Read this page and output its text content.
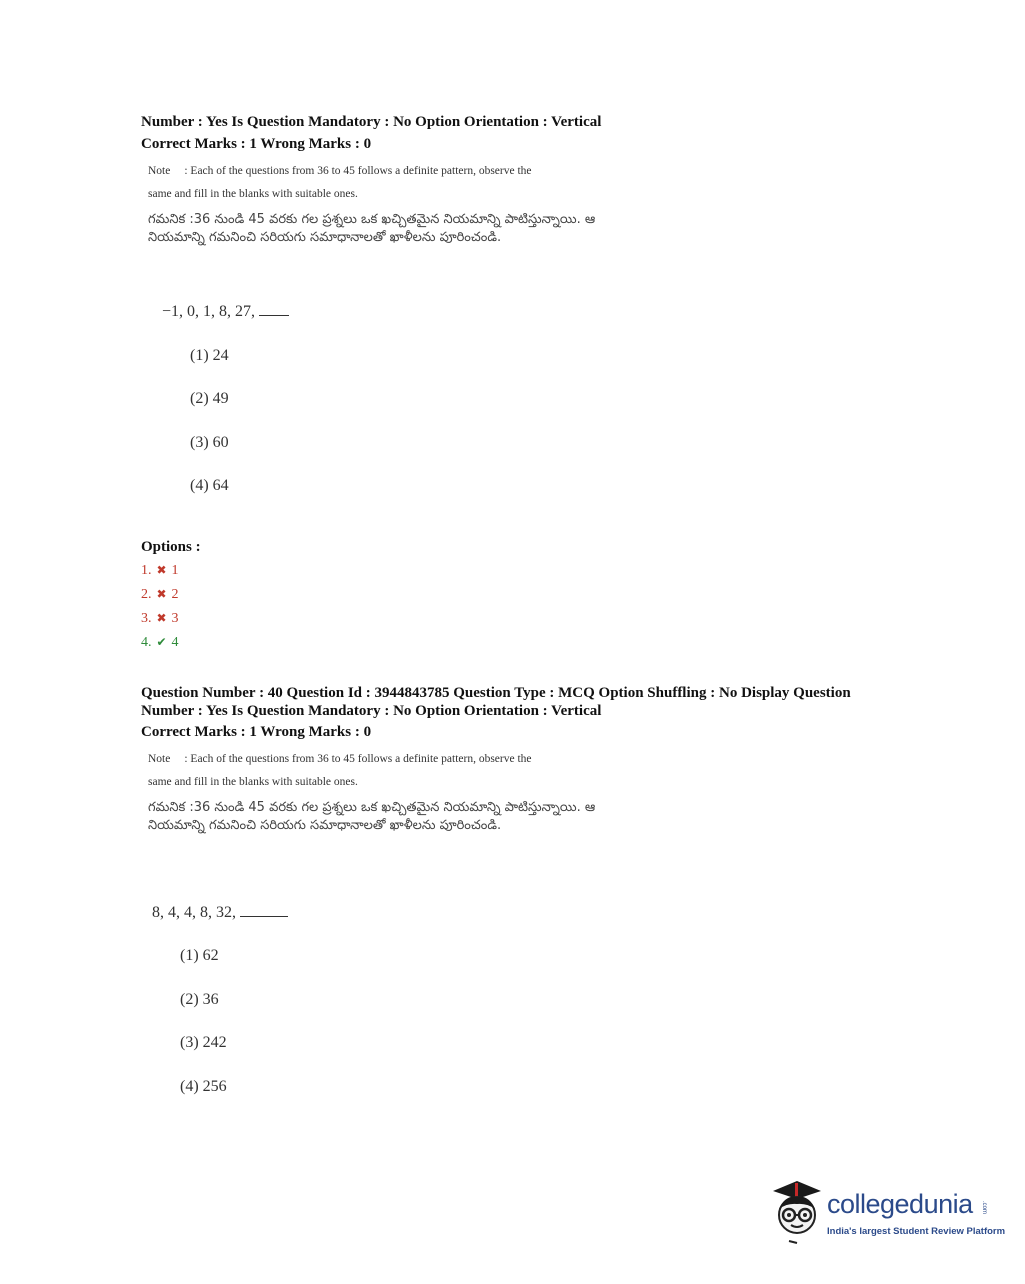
Number : Yes Is Question Mandatory : No Option Orientation : Vertical
Correct Marks : 1 Wrong Marks : 0
Note : Each of the questions from 36 to 45 follows a definite pattern, observe the
same and fill in the blanks with suitable ones.
గమనిక :36 నుండి 45 వరకు గల ప్రశ్నలు ఒక ఖచ్చితమైన నియమాన్ని పాటిస్తున్నాయి. ఆ నియమాన్ని గమనించి సరియగు సమాధానాలతో ఖాళీలను పూరించండి.
−1, 0, 1, 8, 27,
(1) 24
(2) 49
(3) 60
(4) 64
Options :
1. ✖ 1
2. ✖ 2
3. ✖ 3
4. ✔ 4
Question Number : 40 Question Id : 3944843785 Question Type : MCQ Option Shuffling : No Display Question
Number : Yes Is Question Mandatory : No Option Orientation : Vertical
Correct Marks : 1 Wrong Marks : 0
Note : Each of the questions from 36 to 45 follows a definite pattern, observe the
same and fill in the blanks with suitable ones.
గమనిక :36 నుండి 45 వరకు గల ప్రశ్నలు ఒక ఖచ్చితమైన నియమాన్ని పాటిస్తున్నాయి. ఆ నియమాన్ని గమనించి సరియగు సమాధానాలతో ఖాళీలను పూరించండి.
8, 4, 4, 8, 32,
(1) 62
(2) 36
(3) 242
(4) 256
collegedunia .com
India's largest Student Review Platform
